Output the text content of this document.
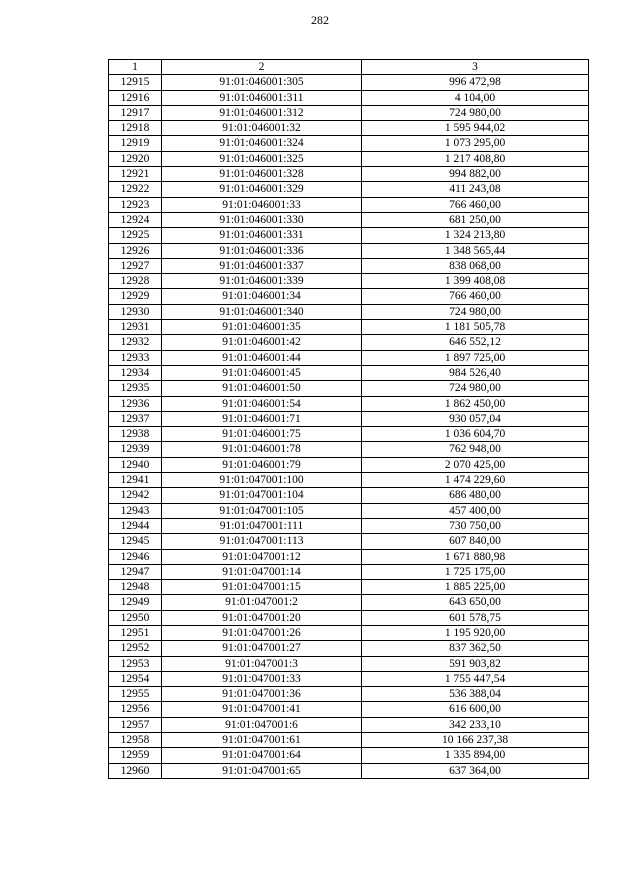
282
1	2	3
12915	91:01:046001:305	996 472,98
12916	91:01:046001:311	4 104,00
12917	91:01:046001:312	724 980,00
12918	91:01:046001:32	1 595 944,02
12919	91:01:046001:324	1 073 295,00
12920	91:01:046001:325	1 217 408,80
12921	91:01:046001:328	994 882,00
12922	91:01:046001:329	411 243,08
12923	91:01:046001:33	766 460,00
12924	91:01:046001:330	681 250,00
12925	91:01:046001:331	1 324 213,80
12926	91:01:046001:336	1 348 565,44
12927	91:01:046001:337	838 068,00
12928	91:01:046001:339	1 399 408,08
12929	91:01:046001:34	766 460,00
12930	91:01:046001:340	724 980,00
12931	91:01:046001:35	1 181 505,78
12932	91:01:046001:42	646 552,12
12933	91:01:046001:44	1 897 725,00
12934	91:01:046001:45	984 526,40
12935	91:01:046001:50	724 980,00
12936	91:01:046001:54	1 862 450,00
12937	91:01:046001:71	930 057,04
12938	91:01:046001:75	1 036 604,70
12939	91:01:046001:78	762 948,00
12940	91:01:046001:79	2 070 425,00
12941	91:01:047001:100	1 474 229,60
12942	91:01:047001:104	686 480,00
12943	91:01:047001:105	457 400,00
12944	91:01:047001:111	730 750,00
12945	91:01:047001:113	607 840,00
12946	91:01:047001:12	1 671 880,98
12947	91:01:047001:14	1 725 175,00
12948	91:01:047001:15	1 885 225,00
12949	91:01:047001:2	643 650,00
12950	91:01:047001:20	601 578,75
12951	91:01:047001:26	1 195 920,00
12952	91:01:047001:27	837 362,50
12953	91:01:047001:3	591 903,82
12954	91:01:047001:33	1 755 447,54
12955	91:01:047001:36	536 388,04
12956	91:01:047001:41	616 600,00
12957	91:01:047001:6	342 233,10
12958	91:01:047001:61	10 166 237,38
12959	91:01:047001:64	1 335 894,00
12960	91:01:047001:65	637 364,00
